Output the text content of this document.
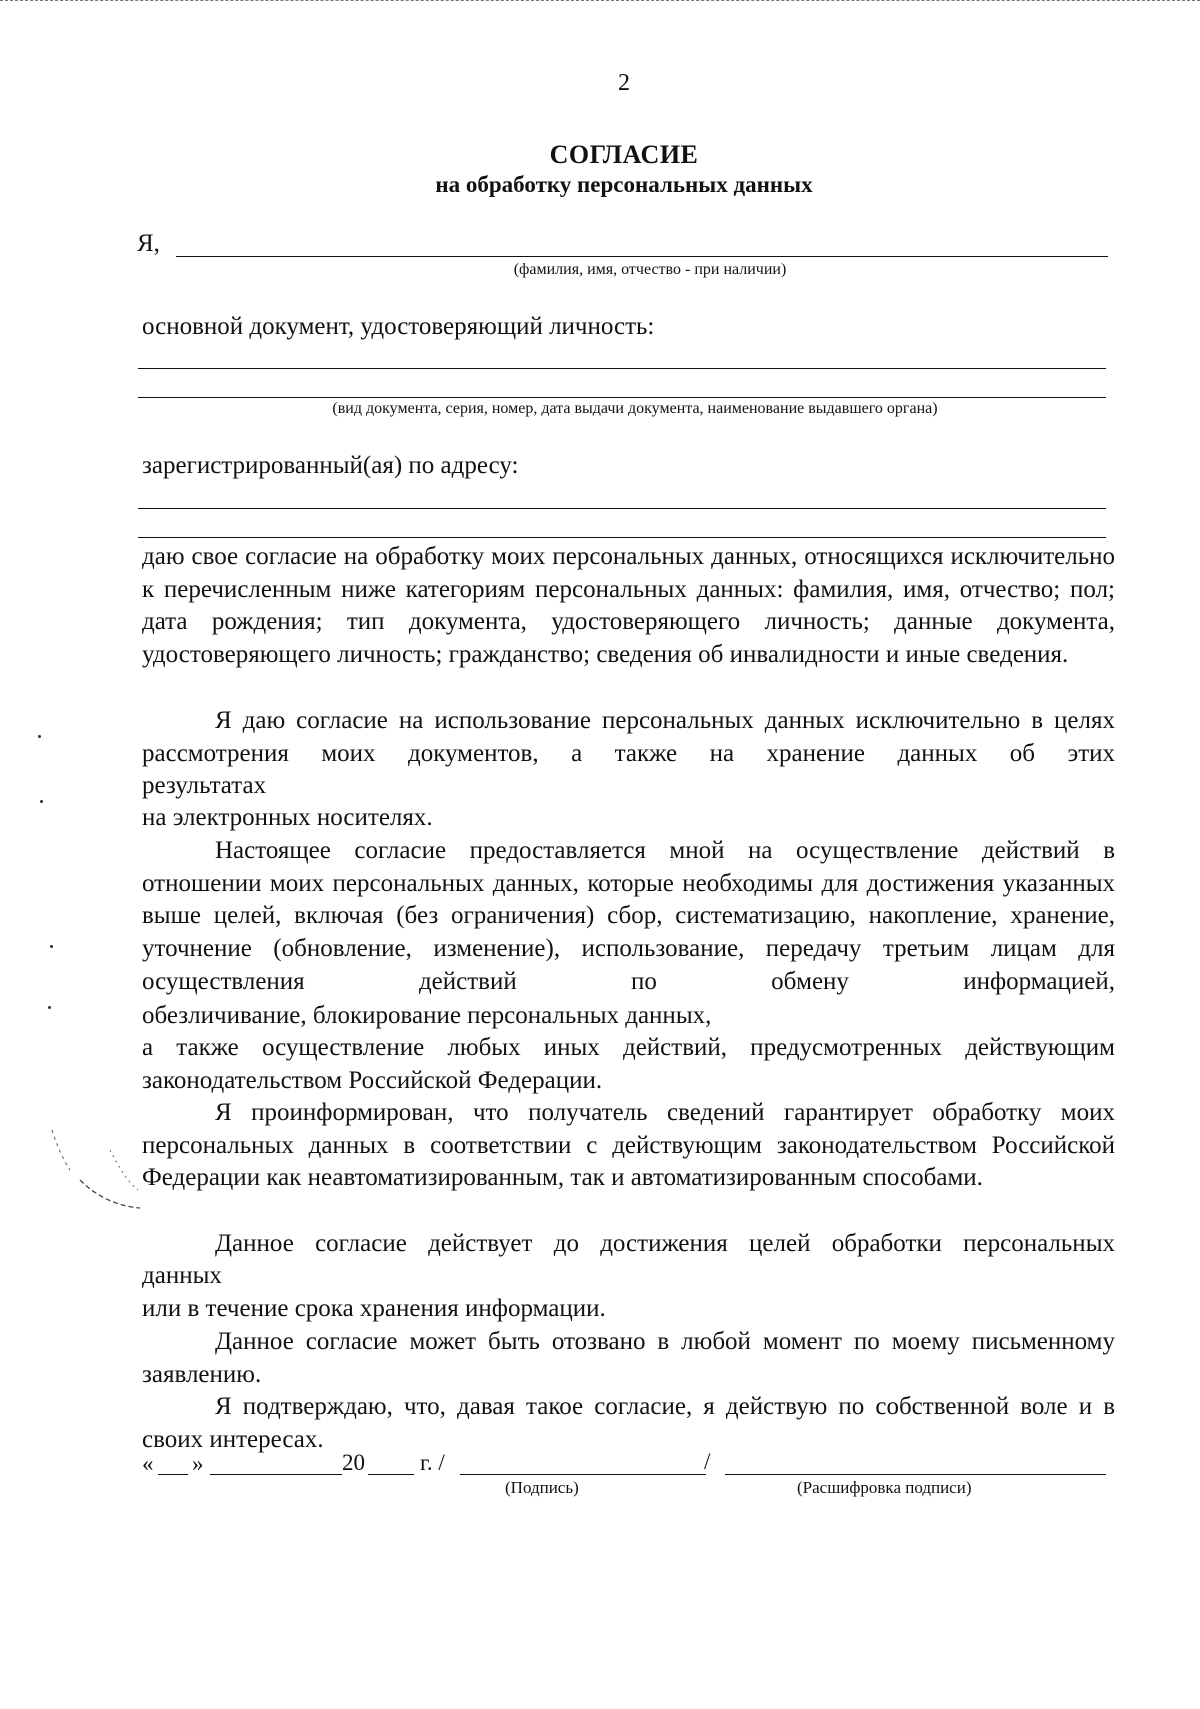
2
СОГЛАСИЕ
на обработку персональных данных
Я,
(фамилия, имя, отчество - при наличии)
основной документ, удостоверяющий личность:
(вид документа, серия, номер, дата выдачи документа, наименование выдавшего органа)
зарегистрированный(ая) по адресу:
даю свое согласие на обработку моих персональных данных, относящихся исключительно к перечисленным ниже категориям персональных данных: фамилия, имя, отчество; пол; дата рождения; тип документа, удостоверяющего личность; данные документа, удостоверяющего личность; гражданство; сведения об инвалидности и иные сведения.
Я даю согласие на использование персональных данных исключительно в целях рассмотрения моих документов, а также на хранение данных об этих
результатах
на электронных носителях.
Настоящее согласие предоставляется мной на осуществление действий в отношении моих персональных данных, которые необходимы для достижения указанных выше целей, включая (без ограничения) сбор, систематизацию, накопление, хранение, уточнение (обновление, изменение), использование, передачу третьим лицам для осуществления действий по обмену информацией,
обезличивание, блокирование персональных данных,
а также осуществление любых иных действий, предусмотренных действующим
законодательством Российской Федерации.
Я проинформирован, что получатель сведений гарантирует обработку моих персональных данных в соответствии с действующим законодательством Российской Федерации как неавтоматизированным, так и автоматизированным способами.
Данное согласие действует до достижения целей обработки персональных
данных
или в течение срока хранения информации.
Данное согласие может быть отозвано в любой момент по моему письменному заявлению.
Я подтверждаю, что, давая такое согласие, я действую по собственной воле и в своих интересах.
« »	20 г. /	/
(Подпись)	(Расшифровка подписи)
